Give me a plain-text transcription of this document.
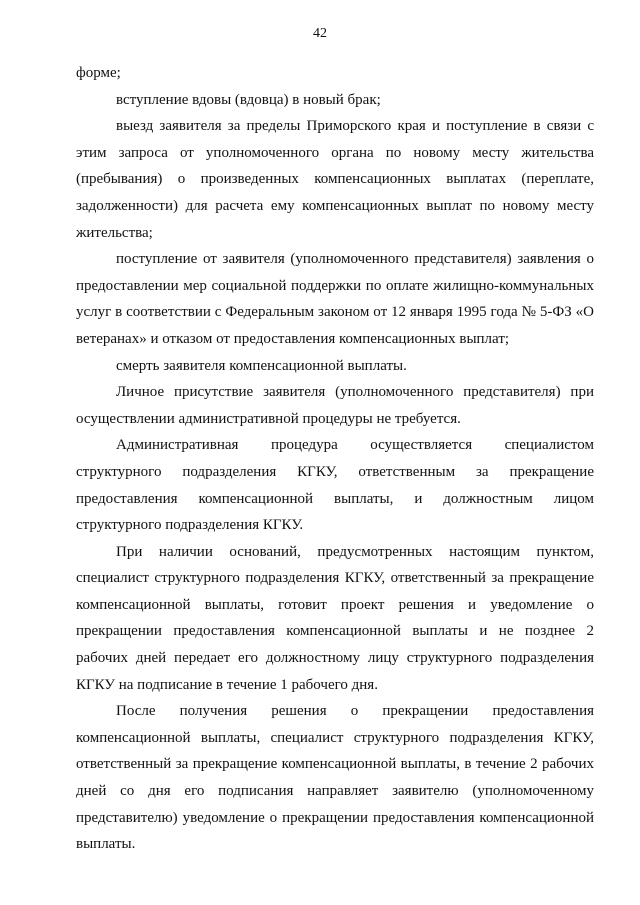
42

форме;

вступление вдовы (вдовца) в новый брак;

выезд заявителя за пределы Приморского края и поступление в связи с этим запроса от уполномоченного органа по новому месту жительства (пребывания) о произведенных компенсационных выплатах (переплате, задолженности) для расчета ему компенсационных выплат по новому месту жительства;

поступление от заявителя (уполномоченного представителя) заявления о предоставлении мер социальной поддержки по оплате жилищно-коммунальных услуг в соответствии с Федеральным законом от 12 января 1995 года № 5-ФЗ «О ветеранах» и отказом от предоставления компенсационных выплат;

смерть заявителя компенсационной выплаты.

Личное присутствие заявителя (уполномоченного представителя) при осуществлении административной процедуры не требуется.

Административная процедура осуществляется специалистом структурного подразделения КГКУ, ответственным за прекращение предоставления компенсационной выплаты, и должностным лицом структурного подразделения КГКУ.

При наличии оснований, предусмотренных настоящим пунктом, специалист структурного подразделения КГКУ, ответственный за прекращение компенсационной выплаты, готовит проект решения и уведомление о прекращении предоставления компенсационной выплаты и не позднее 2 рабочих дней передает его должностному лицу структурного подразделения КГКУ на подписание в течение 1 рабочего дня.

После получения решения о прекращении предоставления компенсационной выплаты, специалист структурного подразделения КГКУ, ответственный за прекращение компенсационной выплаты, в течение 2 рабочих дней со дня его подписания направляет заявителю (уполномоченному представителю) уведомление о прекращении предоставления компенсационной выплаты.
